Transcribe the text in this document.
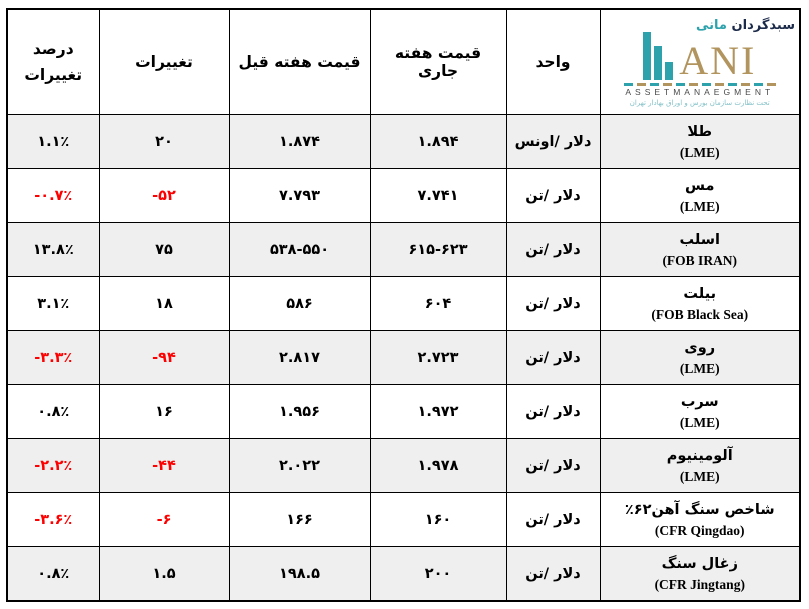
سبدگردان مانی
ANI
ASSETMANAEGMENT
تحت نظارت سازمان بورس و اوراق بهادار تهران	واحد	قیمت هفته جاری	قیمت هفته قیل	تغییرات	درصد تغییرات

طلا
(LME)	دلار /اونس	۱.۸۹۴	۱.۸۷۴	۲۰	۱.۱٪

مس
(LME)	دلار /تن	۷.۷۴۱	۷.۷۹۳	-۵۲	-۰.۷٪

اسلب
(FOB IRAN)	دلار /تن	۶۱۵-۶۲۳	۵۳۸-۵۵۰	۷۵	۱۳.۸٪

بیلت
(FOB Black Sea)	دلار /تن	۶۰۴	۵۸۶	۱۸	۳.۱٪

روی
(LME)	دلار /تن	۲.۷۲۳	۲.۸۱۷	-۹۴	-۳.۳٪

سرب
(LME)	دلار /تن	۱.۹۷۲	۱.۹۵۶	۱۶	۰.۸٪

آلومینیوم
(LME)	دلار /تن	۱.۹۷۸	۲.۰۲۲	-۴۴	-۲.۲٪

شاخص سنگ آهن۶۲٪
(CFR Qingdao)	دلار /تن	۱۶۰	۱۶۶	-۶	-۳.۶٪

زغال سنگ
(CFR Jingtang)	دلار /تن	۲۰۰	۱۹۸.۵	۱.۵	۰.۸٪
